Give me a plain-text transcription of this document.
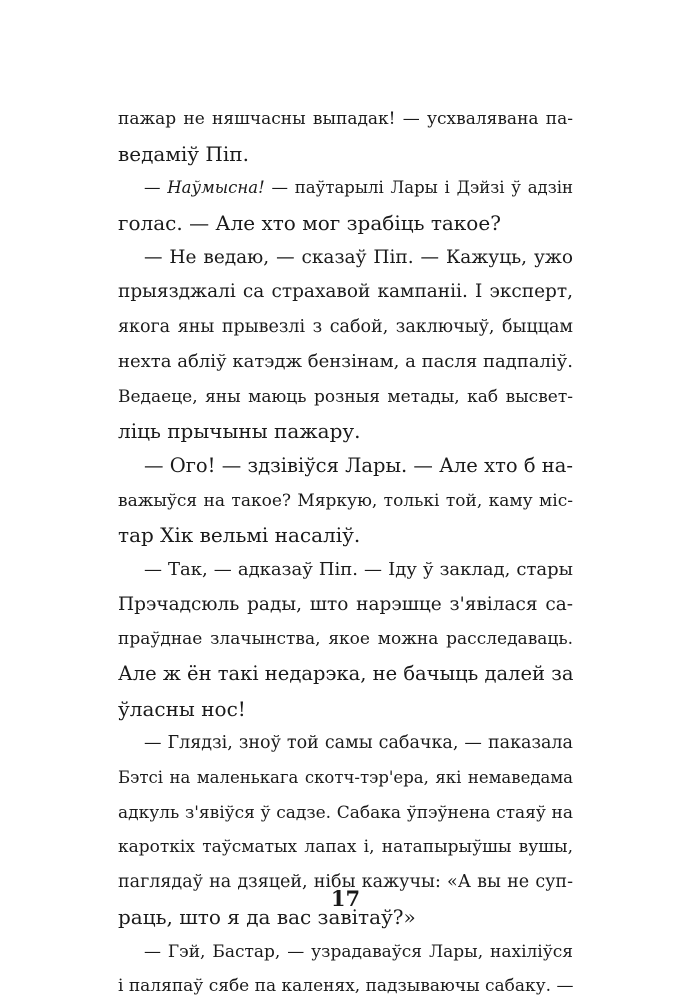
пажар не няшчасны выпадак! — усхвалявана па-
ведаміў Піп.
— Наўмысна! — паўтарылі Лары і Дэйзі ў адзін
голас. — Але хто мог зрабіць такое?
— Не ведаю, — сказаў Піп. — Кажуць, ужо
прыязджалі са страхавой кампаніі. І эксперт,
якога яны прывезлі з сабой, заключыў, быццам
нехта абліў катэдж бензінам, а пасля падпаліў.
Ведаеце, яны маюць розныя метады, каб высвет-
ліць прычыны пажару.
— Ого! — здзівіўся Лары. — Але хто б на-
важыўся на такое? Мяркую, толькі той, каму міс-
тар Хік вельмі насаліў.
— Так, — адказаў Піп. — Іду ў заклад, стары
Прэчадсюль рады, што нарэшце з'явілася са-
праўднае злачынства, якое можна расследаваць.
Але ж ён такі недарэка, не бачыць далей за
ўласны нос!
— Глядзі, зноў той самы сабачка, — паказала
Бэтсі на маленькага скотч-тэр'ера, які немаведама
адкуль з'явіўся ў садзе. Сабака ўпэўнена стаяў на
кароткіх таўсматых лапах і, натапырыўшы вушы,
паглядаў на дзяцей, нібы кажучы: «А вы не суп-
раць, што я да вас завітаў?»
— Гэй, Бастар, — узрадаваўся Лары, нахіліўся
і паляпаў сябе па каленях, падзываючы сабаку. —
17
